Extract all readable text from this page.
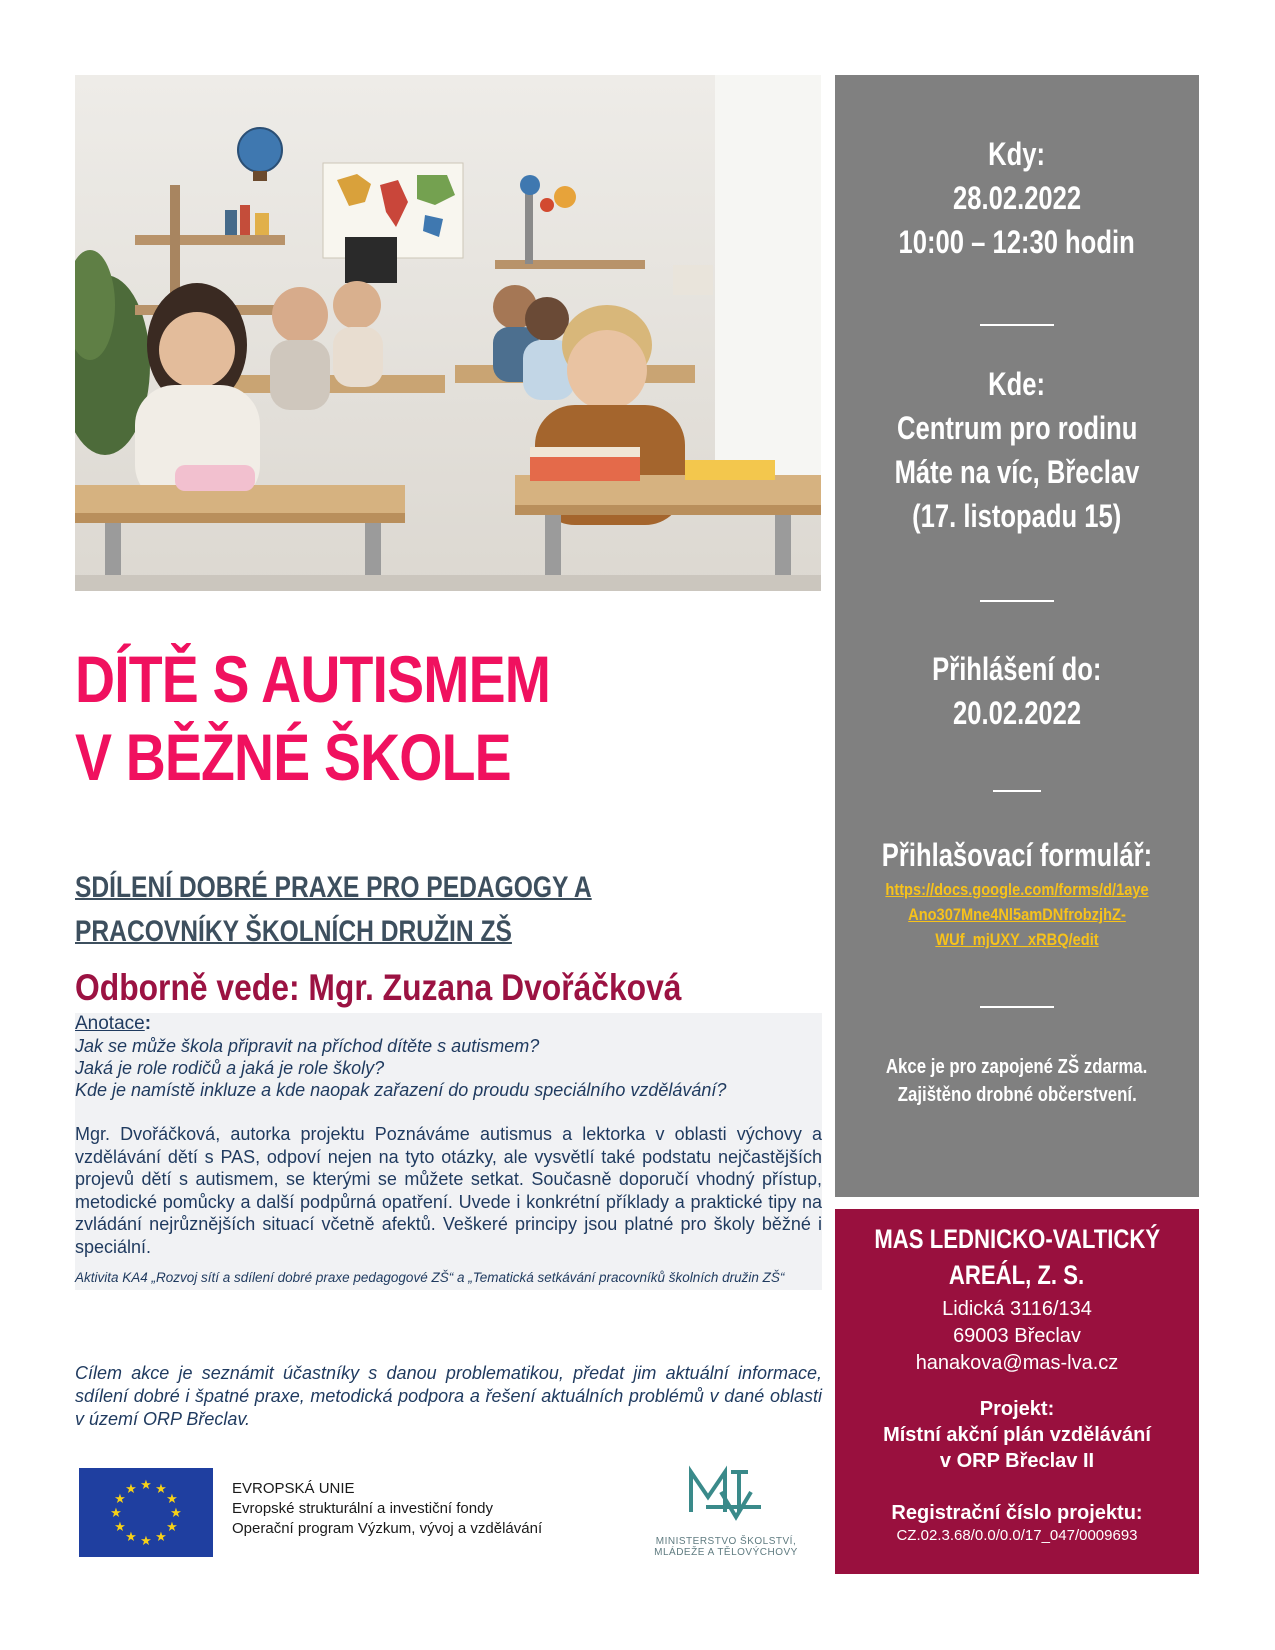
DÍTĚ S AUTISMEM
V BĚŽNÉ ŠKOLE
SDÍLENÍ DOBRÉ PRAXE PRO PEDAGOGY A
PRACOVNÍKY ŠKOLNÍCH DRUŽIN ZŠ
Odborně vede: Mgr. Zuzana Dvořáčková
Anotace:

Jak se může škola připravit na příchod dítěte s autismem?

Jaká je role rodičů a jaká je role školy?

Kde je namístě inkluze a kde naopak zařazení do proudu speciálního vzdělávání?

Mgr. Dvořáčková, autorka projektu Poznáváme autismus a lektorka v oblasti výchovy a vzdělávání dětí s PAS, odpoví nejen na tyto otázky, ale vysvětlí také podstatu nejčastějších projevů dětí s autismem, se kterými se můžete setkat. Současně doporučí vhodný přístup, metodické pomůcky a další podpůrná opatření. Uvede i konkrétní příklady a praktické tipy na zvládání nejrůznějších situací včetně afektů. Veškeré principy jsou platné pro školy běžné i speciální.
Aktivita KA4 „Rozvoj sítí a sdílení dobré praxe pedagogové ZŠ“ a „Tematická setkávání pracovníků školních družin ZŠ“
Cílem akce je seznámit účastníky s danou problematikou, předat jim aktuální informace, sdílení dobré i špatné praxe, metodická podpora a řešení aktuálních problémů v dané oblasti v území ORP Břeclav.
★ ★
★
★
★
★
★
★
★
★
★
★	EVROPSKÁ UNIE
Evropské strukturální a investiční fondy
Operační program Výzkum, vývoj a vzdělávání
MINISTERSTVO ŠKOLSTVÍ,
MLÁDEŽE A TĚLOVÝCHOVY
Kdy:
28.02.2022
10:00 – 12:30 hodin
Kde:
Centrum pro rodinu
Máte na víc, Břeclav
(17. listopadu 15)
Přihlášení do:
20.02.2022
Přihlašovací formulář:
https://docs.google.com/forms/d/1aye
Ano307Mne4Nl5amDNfrobzjhZ-
WUf_mjUXY_xRBQ/edit
Akce je pro zapojené ZŠ zdarma.
Zajištěno drobné občerstvení.
MAS LEDNICKO-VALTICKÝ
AREÁL, Z. S.
Lidická 3116/134
69003 Břeclav
hanakova@mas-lva.cz
Projekt:
Místní akční plán vzdělávání
v ORP Břeclav II
Registrační číslo projektu:
CZ.02.3.68/0.0/0.0/17_047/0009693
